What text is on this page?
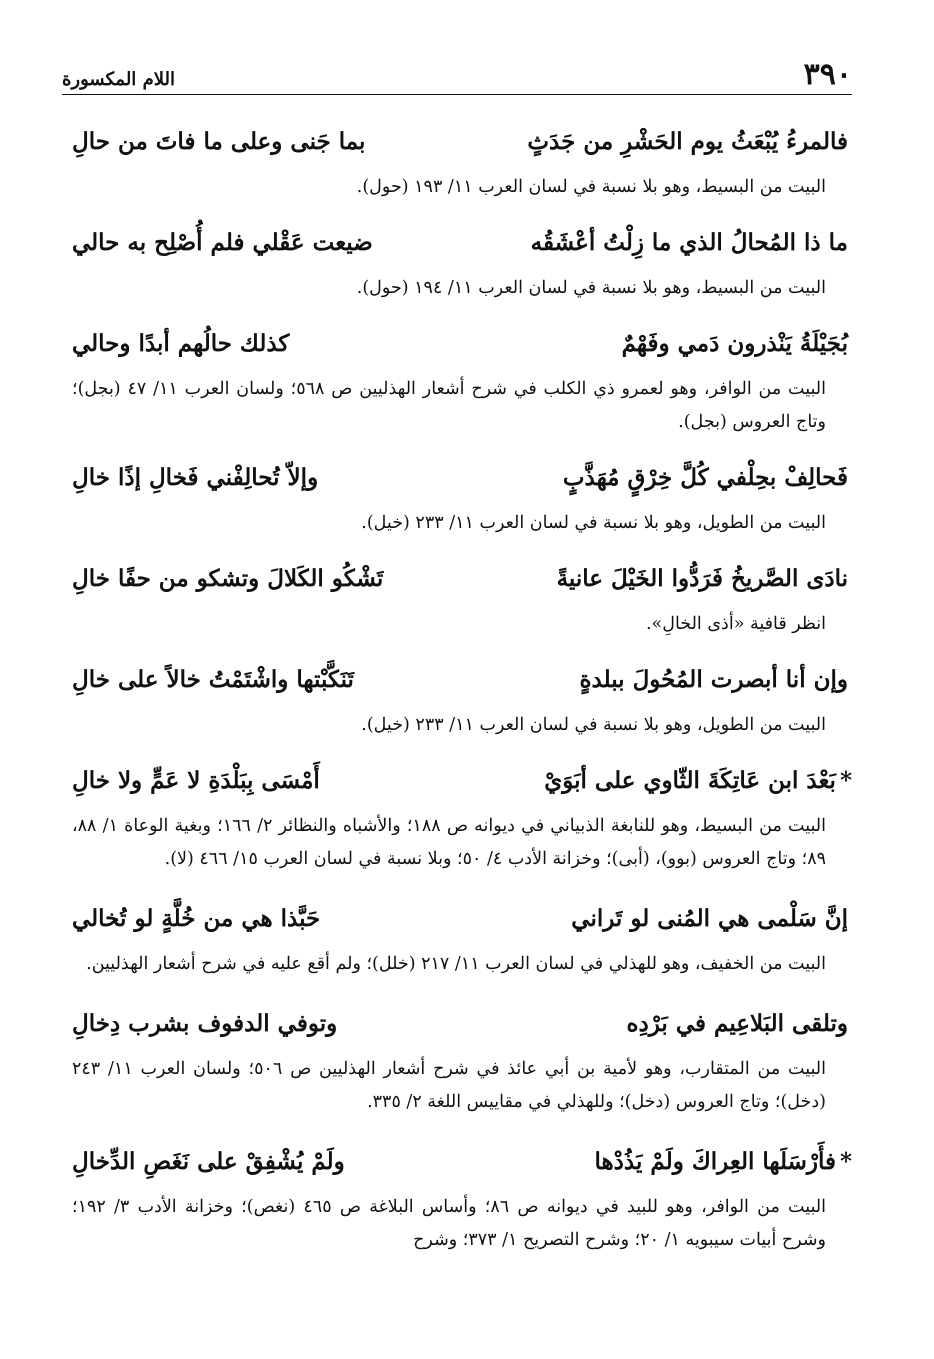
٣٩٠
اللام المكسورة
فالمرءُ يُبْعَثُ يوم الحَشْرِ من جَدَثٍ
بما جَنى وعلى ما فاتَ من حالِ
البيت من البسيط، وهو بلا نسبة في لسان العرب ١١/ ١٩٣ (حول).
ما ذا المُحالُ الذي ما زِلْتُ أعْشَقُه
ضيعت عَقْلي فلم أُصْلِح به حالي
البيت من البسيط، وهو بلا نسبة في لسان العرب ١١/ ١٩٤ (حول).
بُجَيْلَةُ يَنْذرون دَمي وفَهْمٌ
كذلك حالُهم أبدًا وحالي
البيت من الوافر، وهو لعمرو ذي الكلب في شرح أشعار الهذليين ص ٥٦٨؛ ولسان العرب ١١/ ٤٧ (بجل)؛ وتاج العروس (بجل).
فَحالِفْ بحِلْفي كُلَّ خِرْقٍ مُهَذَّبٍ
وإلاّ تُحالِفْني فَخالِ إذًا خالِ
البيت من الطويل، وهو بلا نسبة في لسان العرب ١١/ ٢٣٣ (خيل).
نادَى الصَّريخُ فَرَدُّوا الخَيْلَ عانيةً
تَشْكُو الكَلالَ وتشكو من حفًا خالِ
انظر قافية «أذى الخالِ».
وإن أنا أبصرت المُحُولَ ببلدةٍ
تَنَكَّبْتها واشْتَمْتُ خالاً على خالِ
البيت من الطويل، وهو بلا نسبة في لسان العرب ١١/ ٢٣٣ (خيل).
*بَعْدَ ابن عَاتِكَةَ الثّاوي على أبَوَيْ
أَمْسَى بِبَلْدَةِ لا عَمٍّ ولا خالِ
البيت من البسيط، وهو للنابغة الذبياني في ديوانه ص ١٨٨؛ والأشباه والنظائر ٢/ ١٦٦؛ وبغية الوعاة ١/ ٨٨، ٨٩؛ وتاج العروس (بوو)، (أبى)؛ وخزانة الأدب ٤/ ٥٠؛ وبلا نسبة في لسان العرب ١٥/ ٤٦٦ (لا).
إنَّ سَلْمى هي المُنى لو تَراني
حَبَّذا هي من خُلَّةٍ لو تُخالي
البيت من الخفيف، وهو للهذلي في لسان العرب ١١/ ٢١٧ (خلل)؛ ولم أقع عليه في شرح أشعار الهذليين.
وتلقى البَلاعِيم في بَرْدِه
وتوفي الدفوف بشرب دِخالِ
البيت من المتقارب، وهو لأمية بن أبي عائذ في شرح أشعار الهذليين ص ٥٠٦؛ ولسان العرب ١١/ ٢٤٣ (دخل)؛ وتاج العروس (دخل)؛ وللهذلي في مقاييس اللغة ٢/ ٣٣٥.
*فأَرْسَلَها العِراكَ ولَمْ يَذُدْها
ولَمْ يُشْفِقْ على نَغَصِ الدِّخالِ
البيت من الوافر، وهو للبيد في ديوانه ص ٨٦؛ وأساس البلاغة ص ٤٦٥ (نغص)؛ وخزانة الأدب ٣/ ١٩٢؛ وشرح أبيات سيبويه ١/ ٢٠؛ وشرح التصريح ١/ ٣٧٣؛ وشرح
